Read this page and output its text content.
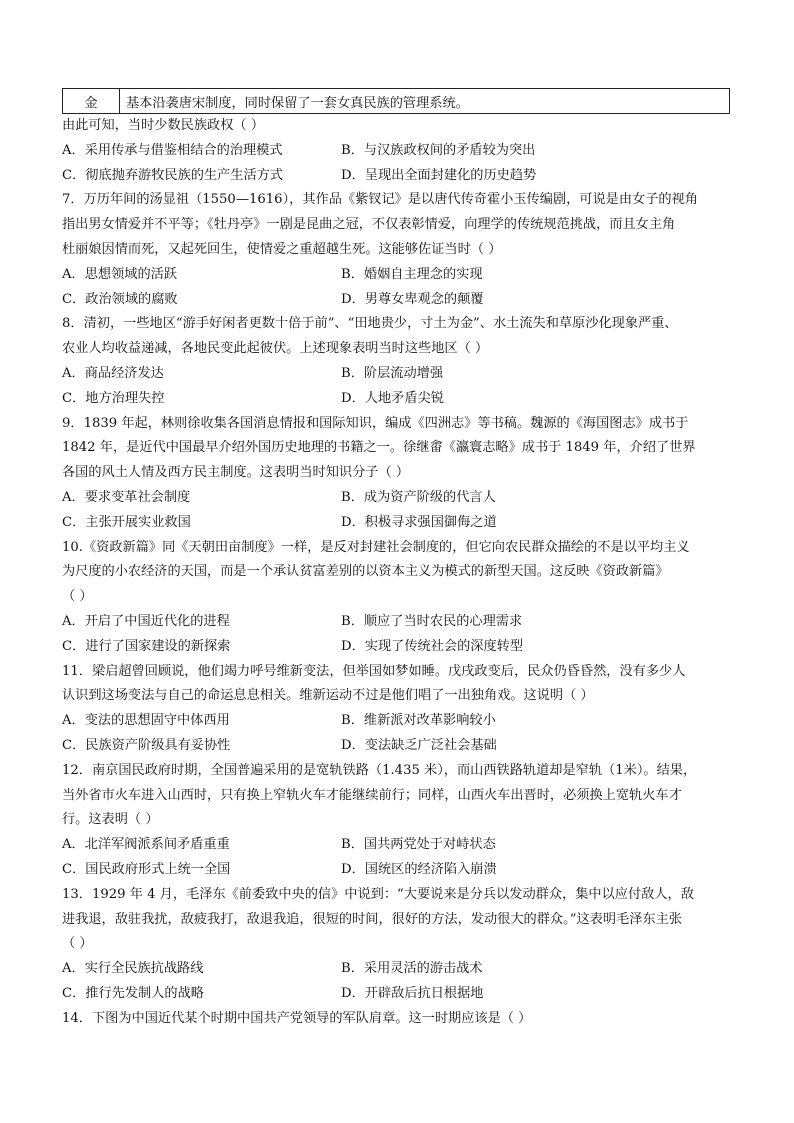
金	基本沿袭唐宋制度，同时保留了一套女真民族的管理系统。
由此可知，当时少数民族政权（ ）
A．采用传承与借鉴相结合的治理模式	B．与汉族政权间的矛盾较为突出
C．彻底抛弃游牧民族的生产生活方式	D．呈现出全面封建化的历史趋势
7．万历年间的汤显祖（1550—1616），其作品《紫钗记》是以唐代传奇霍小玉传编剧，可说是由女子的视角
指出男女情爱并不平等；《牡丹亭》一剧是昆曲之冠，不仅表彰情爱，向理学的传统规范挑战，而且女主角
杜丽娘因情而死，又起死回生，使情爱之重超越生死。这能够佐证当时（ ）
A．思想领域的活跃	B．婚姻自主理念的实现
C．政治领域的腐败	D．男尊女卑观念的颠覆
8．清初，一些地区“游手好闲者更数十倍于前”、“田地贵少，寸土为金”、水土流失和草原沙化现象严重、
农业人均收益递减，各地民变此起彼伏。上述现象表明当时这些地区（ ）
A．商品经济发达	B．阶层流动增强
C．地方治理失控	D．人地矛盾尖锐
9．1839 年起，林则徐收集各国消息情报和国际知识，编成《四洲志》等书稿。魏源的《海国图志》成书于
1842 年，是近代中国最早介绍外国历史地理的书籍之一。徐继畬《瀛寰志略》成书于 1849 年，介绍了世界
各国的风土人情及西方民主制度。这表明当时知识分子（ ）
A．要求变革社会制度	B．成为资产阶级的代言人
C．主张开展实业救国	D．积极寻求强国御侮之道
10.《资政新篇》同《天朝田亩制度》一样，是反对封建社会制度的，但它向农民群众描绘的不是以平均主义
为尺度的小农经济的天国，而是一个承认贫富差别的以资本主义为模式的新型天国。这反映《资政新篇》
（ ）
A．开启了中国近代化的进程	B．顺应了当时农民的心理需求
C．进行了国家建设的新探索	D．实现了传统社会的深度转型
11．梁启超曾回顾说，他们竭力呼号维新变法，但举国如梦如睡。戊戌政变后，民众仍昏昏然，没有多少人
认识到这场变法与自己的命运息息相关。维新运动不过是他们唱了一出独角戏。这说明（ ）
A．变法的思想固守中体西用	B．维新派对改革影响较小
C．民族资产阶级具有妥协性	D．变法缺乏广泛社会基础
12．南京国民政府时期，全国普遍采用的是宽轨铁路（1.435 米），而山西铁路轨道却是窄轨（1米）。结果，
当外省市火车进入山西时，只有换上窄轨火车才能继续前行；同样，山西火车出晋时，必须换上宽轨火车才
行。这表明（ ）
A．北洋军阀派系间矛盾重重	B．国共两党处于对峙状态
C．国民政府形式上统一全国	D．国统区的经济陷入崩溃
13．1929 年 4 月，毛泽东《前委致中央的信》中说到：“大要说来是分兵以发动群众，集中以应付敌人，敌
进我退，敌驻我扰，敌疲我打，敌退我追，很短的时间，很好的方法，发动很大的群众。”这表明毛泽东主张
（ ）
A．实行全民族抗战路线	B．采用灵活的游击战术
C．推行先发制人的战略	D．开辟敌后抗日根据地
14．下图为中国近代某个时期中国共产党领导的军队肩章。这一时期应该是（ ）
